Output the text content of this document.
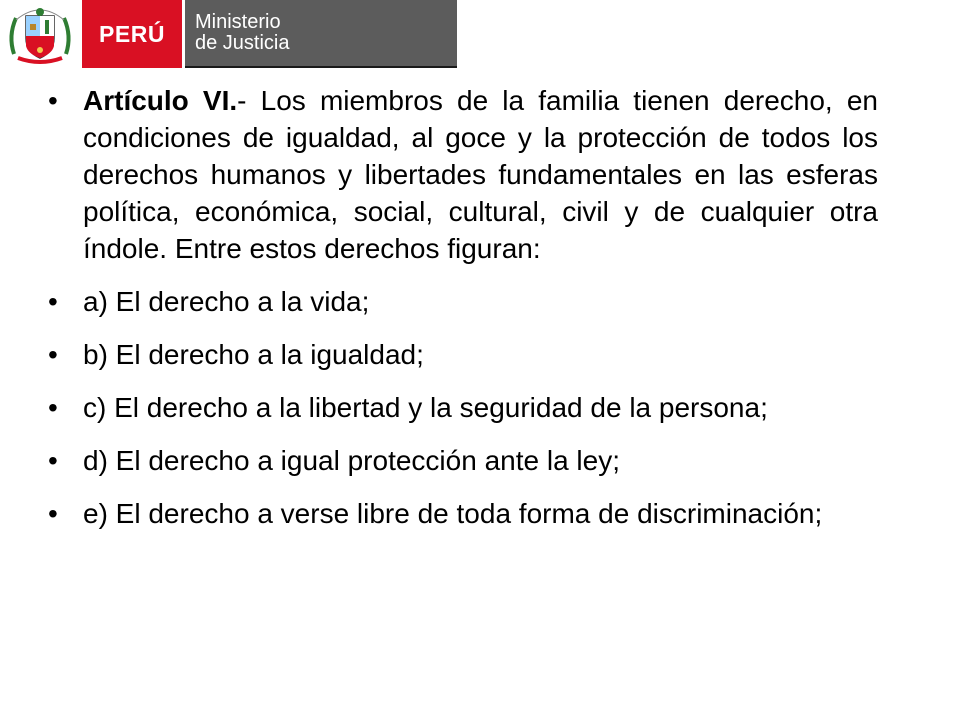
PERÚ	Ministerio
de Justicia
• Artículo VI.- Los miembros de la familia tienen derecho, en condiciones de igualdad, al goce y la protección de todos los derechos humanos y libertades fundamentales en las esferas política, económica, social, cultural, civil y de cualquier otra índole. Entre estos derechos figuran:
• a) El derecho a la vida;
• b) El derecho a la igualdad;
• c) El derecho a la libertad y la seguridad de la persona;
• d) El derecho a igual protección ante la ley;
• e) El derecho a verse libre de toda forma de discriminación;
